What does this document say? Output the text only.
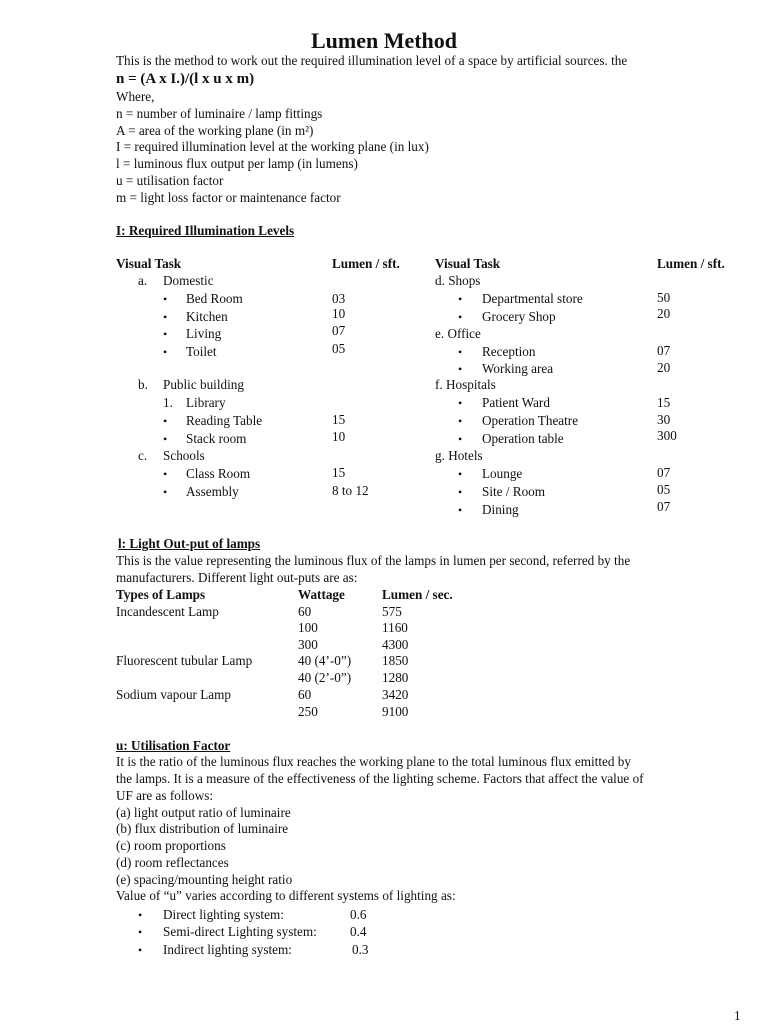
Lumen Method
This is the method to work out the required illumination level of a space by artificial sources. the
n = (A x I.)/(l x u x m)
Where,
n = number of luminaire / lamp fittings
A = area of the working plane (in m²)
I = required illumination level at the working plane (in lux)
l = luminous flux output per lamp (in lumens)
u = utilisation factor
m = light loss factor or maintenance factor
I: Required Illumination Levels
Visual Task	Lumen / sft.	Visual Task	Lumen / sft.
a. Domestic
• Bed Room	03
• Kitchen	10
• Living	07
• Toilet	05
b. Public building
1. Library
• Reading Table	15
• Stack room	10
c. Schools
• Class Room	15
• Assembly	8 to 12
d. Shops
• Departmental store	50
• Grocery Shop	20
e. Office
• Reception	07
• Working area	20
f. Hospitals
• Patient Ward	15
• Operation Theatre	30
• Operation table	300
g. Hotels
• Lounge	07
• Site / Room	05
• Dining	07
l: Light Out-put of lamps
This is the value representing the luminous flux of the lamps in lumen per second, referred by the
manufacturers. Different light out-puts are as:
Types of Lamps	Wattage	Lumen / sec.
Incandescent Lamp	60	575
100	1160
300	4300
Fluorescent tubular Lamp	40 (4’-0”) 1850
40 (2’-0”) 1280
Sodium vapour Lamp	60	3420
250	9100
u: Utilisation Factor
It is the ratio of the luminous flux reaches the working plane to the total luminous flux emitted by
the lamps. It is a measure of the effectiveness of the lighting scheme. Factors that affect the value of
UF are as follows:
(a) light output ratio of luminaire
(b) flux distribution of luminaire
(c) room proportions
(d) room reflectances
(e) spacing/mounting height ratio
Value of “u” varies according to different systems of lighting as:
• Direct lighting system:	0.6
• Semi-direct Lighting system:	0.4
• Indirect lighting system:	0.3
1
